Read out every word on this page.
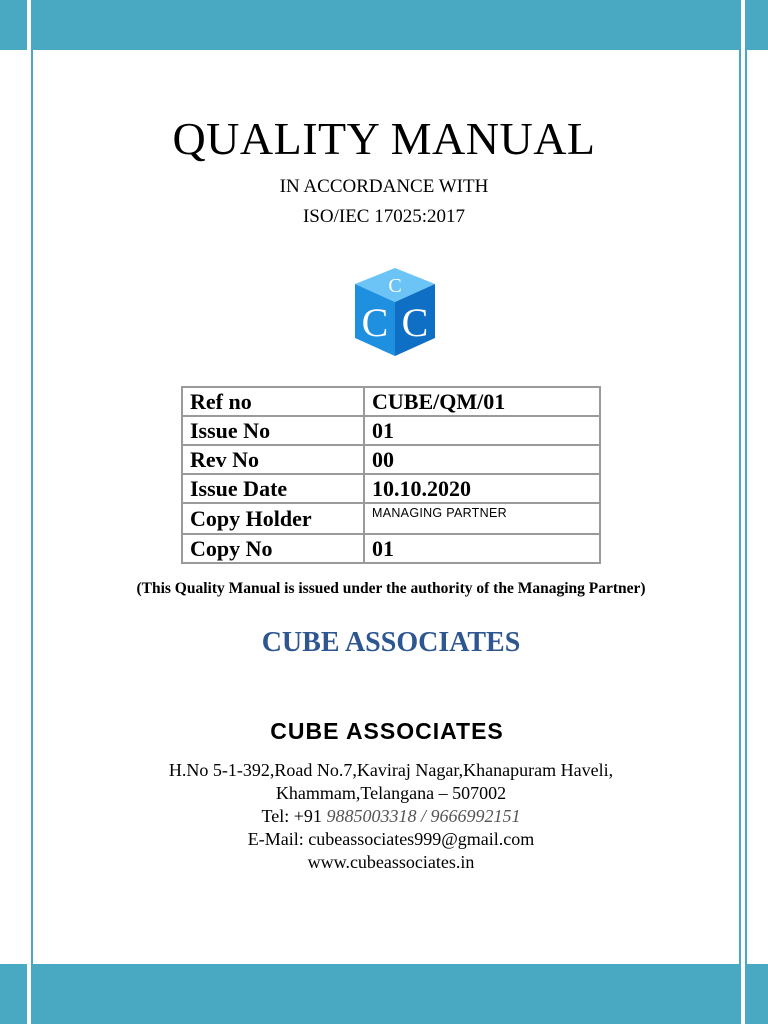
QUALITY MANUAL
IN ACCORDANCE WITH
ISO/IEC 17025:2017
C
C C
Ref no	CUBE/QM/01
Issue No	01
Rev No	00
Issue Date	10.10.2020
Copy Holder	MANAGING PARTNER
Copy No	01
(This Quality Manual is issued under the authority of the Managing Partner)
CUBE ASSOCIATES
CUBE ASSOCIATES
H.No 5-1-392,Road No.7,Kaviraj Nagar,Khanapuram Haveli,
Khammam,Telangana – 507002
Tel: +91 9885003318 / 9666992151
E-Mail: cubeassociates999@gmail.com
www.cubeassociates.in
